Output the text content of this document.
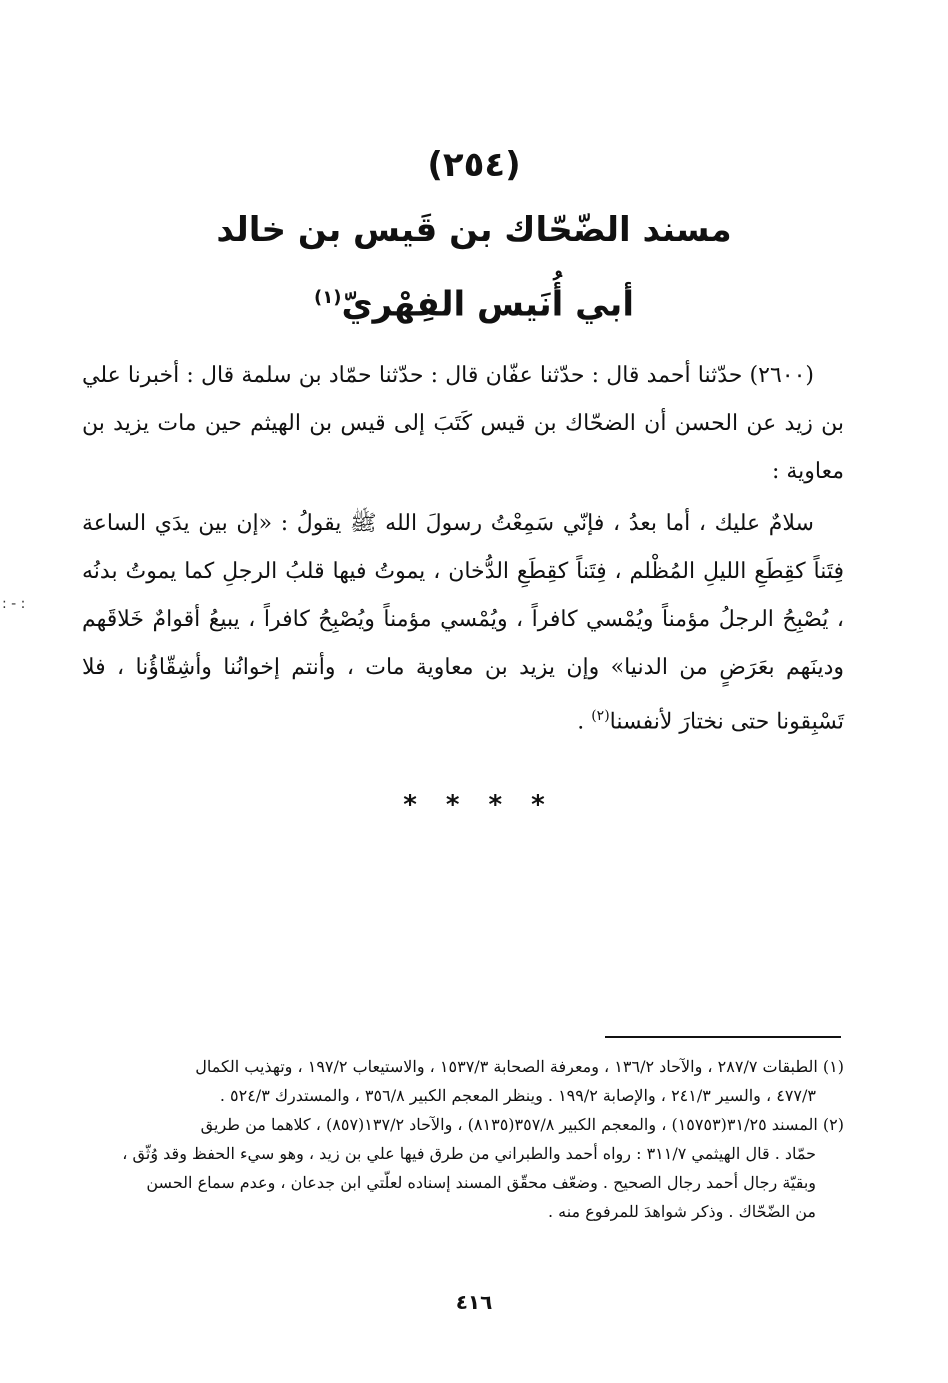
(٢٥٤)
مسند الضّحّاك بن قَيس بن خالد
أبي أُنَيس الفِهْريّ$^{(١)}$

(٢٦٠٠) حدّثنا أحمد قال : حدّثنا عفّان قال : حدّثنا حمّاد بن سلمة قال : أخبرنا علي بن زيد عن الحسن أن الضحّاك بن قيس كَتَبَ إلى قيس بن الهيثم حين مات يزيد بن معاوية :

سلامٌ عليك ، أما بعدُ ، فإنّي سَمِعْتُ رسولَ الله ﷺ يقولُ : «إن بين يدَي الساعة فِتَناً كقِطَعِ الليلِ المُظْلم ، فِتَناً كقِطَعِ الدُّخان ، يموتُ فيها قلبُ الرجلِ كما يموتُ بدنُه ، يُصْبِحُ الرجلُ مؤمناً ويُمْسي كافراً ، ويُمْسي مؤمناً ويُصْبِحُ كافراً ، يبيعُ أقوامٌ خَلاقَهم ودينَهم بعَرَضٍ من الدنيا» وإن يزيد بن معاوية مات ، وأنتم إخوانُنا وأشِقّاؤُنا ، فلا تَسْبِقونا حتى نختارَ لأنفسنا$^{(٢)}$ .

: - :
* * * *

(١) الطبقات ٢٨٧/٧ ، والآحاد ١٣٦/٢ ، ومعرفة الصحابة ١٥٣٧/٣ ، والاستيعاب ١٩٧/٢ ، وتهذيب الكمال

٤٧٧/٣ ، والسير ٢٤١/٣ ، والإصابة ١٩٩/٢ . وينظر المعجم الكبير ٣٥٦/٨ ، والمستدرك ٥٢٤/٣ .

(٢) المسند ٣١/٢٥(١٥٧٥٣) ، والمعجم الكبير ٣٥٧/٨(٨١٣٥) ، والآحاد ١٣٧/٢(٨٥٧) ، كلاهما من طريق

حمّاد . قال الهيثمي ٣١١/٧ : رواه أحمد والطبراني من طرق فيها علي بن زيد ، وهو سيء الحفظ وقد وُثّق ،

وبقيّة رجال أحمد رجال الصحيح . وضعّف محقّق المسند إسناده لعلّتي ابن جدعان ، وعدم سماع الحسن

من الضّحّاك . وذكر شواهدَ للمرفوع منه .

٤١٦
